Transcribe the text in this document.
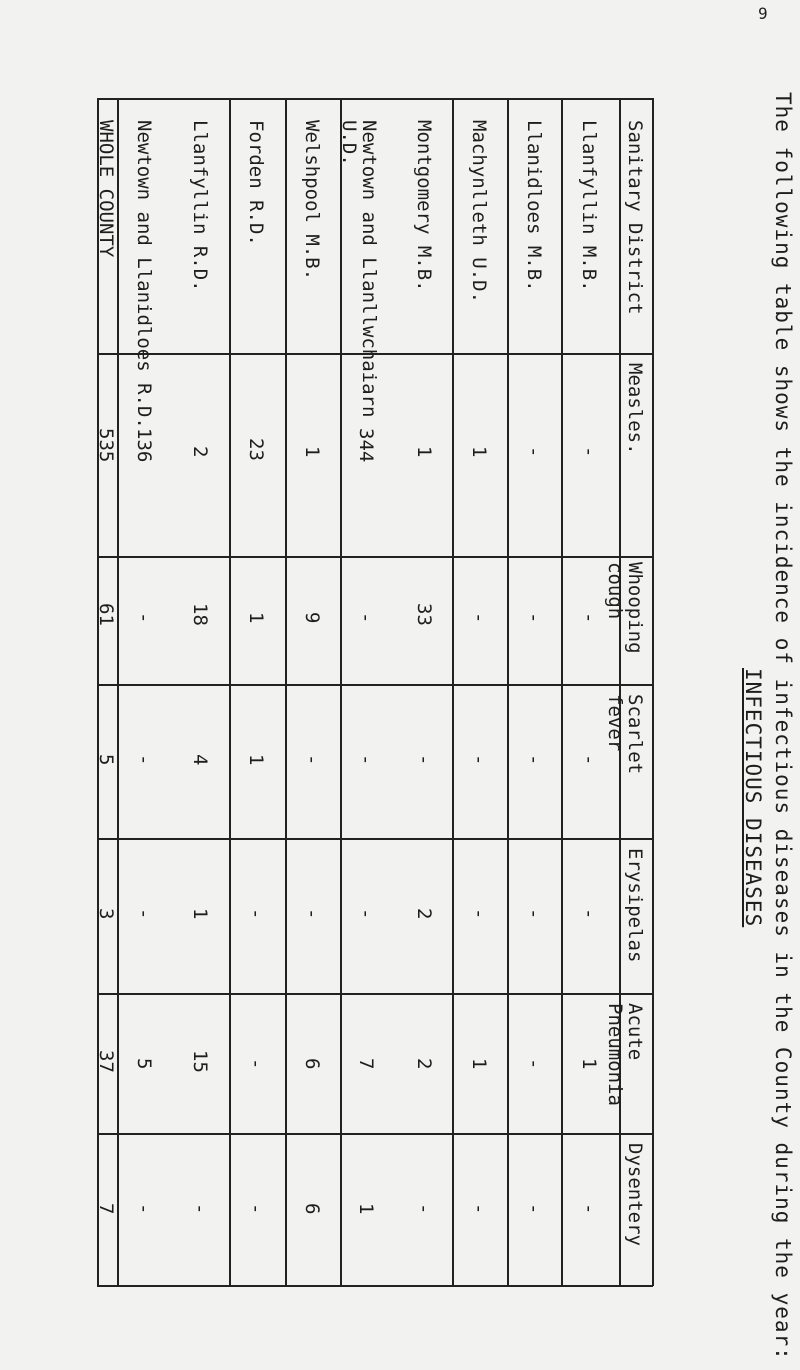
9
The following table shows the incidence of infectious diseases in the County during the year:
INFECTIOUS DISEASES
Sanitary District
Measles.
Whooping
cough
Scarlet
fever
Erysipelas
Acute
Pneumonia
Dysentery
Llanfyllin M.B.
-
-
-
-
1
-
Llanidloes M.B.
-
-
-
-
-
-
Machynlleth U.D.
1
-
-
-
1
-
Montgomery M.B.
1
33
-
2
2
-
Newtown and Llanllwchaiarn
U.D.
344
-
-
-
7
1
Welshpool M.B.
1
9
-
-
6
6
Forden R.D.
23
1
1
-
-
-
Llanfyllin R.D.
2
18
4
1
15
-
Newtown and Llanidloes R.D.
136
-
-
-
5
-
WHOLE COUNTY
535
61
5
3
37
7
